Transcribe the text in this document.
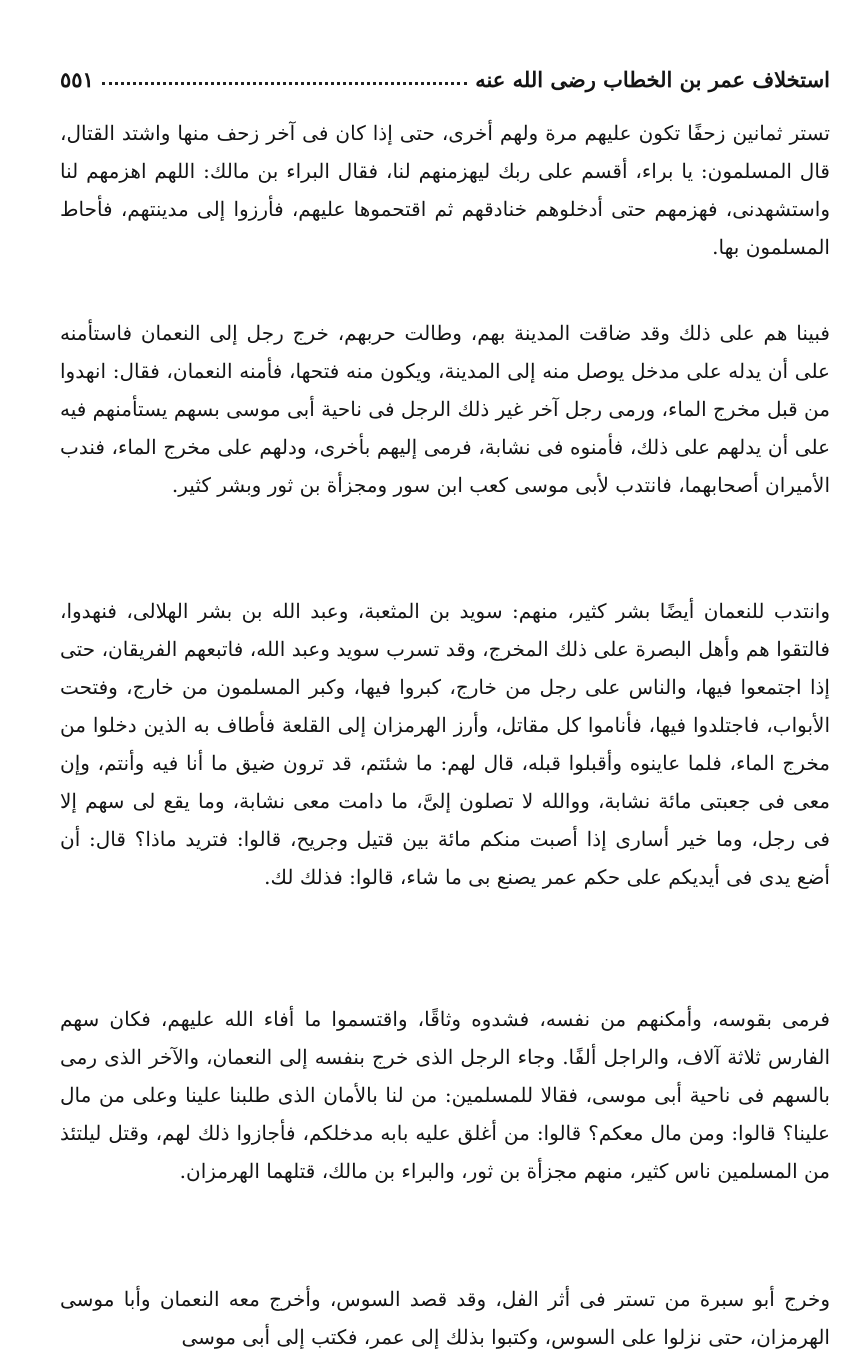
استخلاف عمر بن الخطاب رضى الله عنه
٥٥١

تستر ثمانين زحفًا تكون عليهم مرة ولهم أخرى، حتى إذا كان فى آخر زحف منها واشتد القتال، قال المسلمون: يا براء، أقسم على ربك ليهزمنهم لنا، فقال البراء بن مالك: اللهم اهزمهم لنا واستشهدنى، فهزمهم حتى أدخلوهم خنادقهم ثم اقتحموها عليهم، فأرزوا إلى مدينتهم، فأحاط المسلمون بها.

فبينا هم على ذلك وقد ضاقت المدينة بهم، وطالت حربهم، خرج رجل إلى النعمان فاستأمنه على أن يدله على مدخل يوصل منه إلى المدينة، ويكون منه فتحها، فأمنه النعمان، فقال: انهدوا من قبل مخرج الماء، ورمى رجل آخر غير ذلك الرجل فى ناحية أبى موسى بسهم يستأمنهم فيه على أن يدلهم على ذلك، فأمنوه فى نشابة، فرمى إليهم بأخرى، ودلهم على مخرج الماء، فندب الأميران أصحابهما، فانتدب لأبى موسى كعب ابن سور ومجزأة بن ثور وبشر كثير.

وانتدب للنعمان أيضًا بشر كثير، منهم: سويد بن المثعبة، وعبد الله بن بشر الهلالى، فنهدوا، فالتقوا هم وأهل البصرة على ذلك المخرج، وقد تسرب سويد وعبد الله، فاتبعهم الفريقان، حتى إذا اجتمعوا فيها، والناس على رجل من خارج، كبروا فيها، وكبر المسلمون من خارج، وفتحت الأبواب، فاجتلدوا فيها، فأناموا كل مقاتل، وأرز الهرمزان إلى القلعة فأطاف به الذين دخلوا من مخرج الماء، فلما عاينوه وأقبلوا قبله، قال لهم: ما شئتم، قد ترون ضيق ما أنا فيه وأنتم، وإن معى فى جعبتى مائة نشابة، ووالله لا تصلون إلىَّ، ما دامت معى نشابة، وما يقع لى سهم إلا فى رجل، وما خير أسارى إذا أصبت منكم مائة بين قتيل وجريح، قالوا: فتريد ماذا؟ قال: أن أضع يدى فى أيديكم على حكم عمر يصنع بى ما شاء، قالوا: فذلك لك.

فرمى بقوسه، وأمكنهم من نفسه، فشدوه وثاقًا، واقتسموا ما أفاء الله عليهم، فكان سهم الفارس ثلاثة آلاف، والراجل ألفًا. وجاء الرجل الذى خرج بنفسه إلى النعمان، والآخر الذى رمى بالسهم فى ناحية أبى موسى، فقالا للمسلمين: من لنا بالأمان الذى طلبنا علينا وعلى من مال علينا؟ قالوا: ومن مال معكم؟ قالوا: من أغلق عليه بابه مدخلكم، فأجازوا ذلك لهم، وقتل ليلتئذ من المسلمين ناس كثير، منهم مجزأة بن ثور، والبراء بن مالك، قتلهما الهرمزان.

وخرج أبو سبرة من تستر فى أثر الفل، وقد قصد السوس، وأخرج معه النعمان وأبا موسى الهرمزان، حتى نزلوا على السوس، وكتبوا بذلك إلى عمر، فكتب إلى أبى موسى
